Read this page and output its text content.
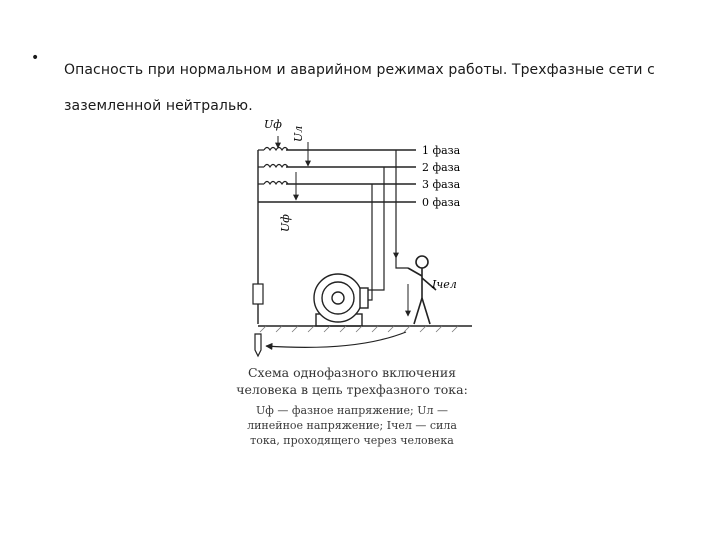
•
Опасность при нормальном и аварийном режимах работы. Трехфазные сети с заземленной нейтралью.
Uф
Uл
Uф
1 фаза
2 фаза
3 фаза
0 фаза
Iчел
Схема однофазного включения человека в цепь трехфазного тока:
Uф — фазное напряжение; Uл — линейное напряжение; Iчел — сила тока, проходящего через человека
